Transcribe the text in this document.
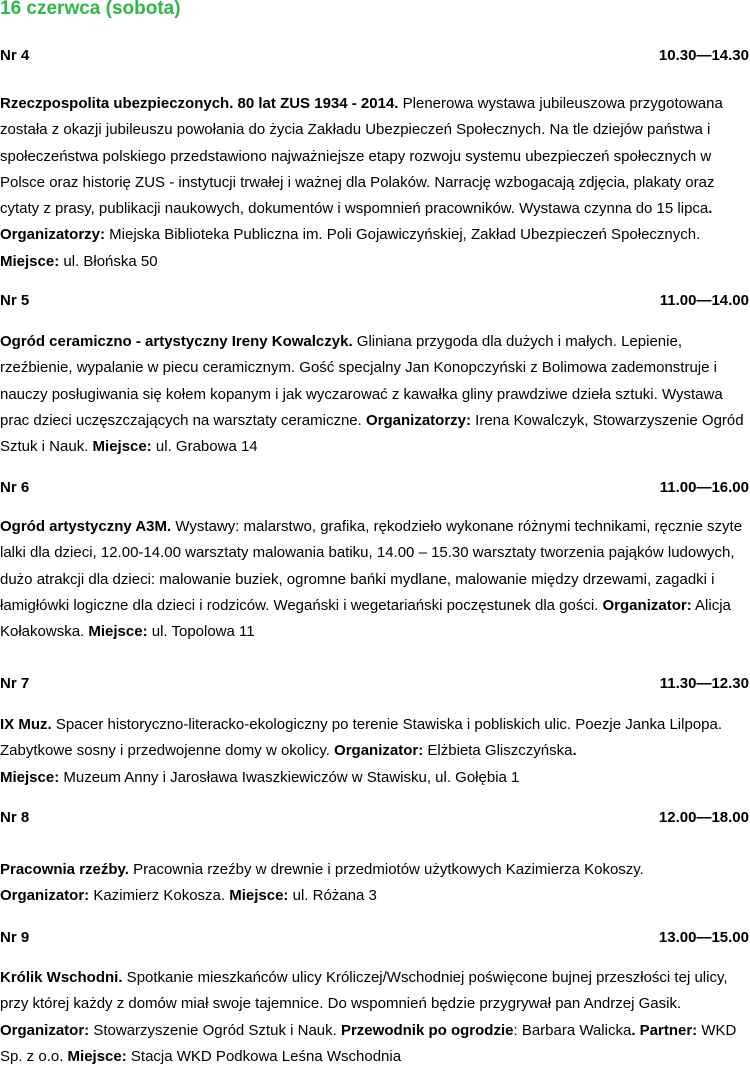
16 czerwca (sobota)
Nr 4	10.30—14.30

Rzeczpospolita ubezpieczonych. 80 lat ZUS 1934 - 2014. Plenerowa wystawa jubileuszowa przygotowana została z okazji jubileuszu powołania do życia Zakładu Ubezpieczeń Społecznych. Na tle dziejów państwa i społeczeństwa polskiego przedstawiono najważniejsze etapy rozwoju systemu ubezpieczeń społecznych w Polsce oraz historię ZUS - instytucji trwałej i ważnej dla Polaków. Narrację wzbogacają zdjęcia, plakaty oraz cytaty z prasy, publikacji naukowych, dokumentów i wspomnień pracowników. Wystawa czynna do 15 lipca. Organizatorzy: Miejska Biblioteka Publiczna im. Poli Gojawiczyńskiej, Zakład Ubezpieczeń Społecznych. Miejsce: ul. Błońska 50

Nr 5	11.00—14.00

Ogród ceramiczno - artystyczny Ireny Kowalczyk. Gliniana przygoda dla dużych i małych. Lepienie, rzeźbienie, wypalanie w piecu ceramicznym. Gość specjalny Jan Konopczyński z Bolimowa zademonstruje i nauczy posługiwania się kołem kopanym i jak wyczarować z kawałka gliny prawdziwe dzieła sztuki. Wystawa prac dzieci uczęszczających na warsztaty ceramiczne. Organizatorzy: Irena Kowalczyk, Stowarzyszenie Ogród Sztuk i Nauk. Miejsce: ul. Grabowa 14

Nr 6	11.00—16.00

Ogród artystyczny A3M. Wystawy: malarstwo, grafika, rękodzieło wykonane różnymi technikami, ręcznie szyte lalki dla dzieci, 12.00-14.00 warsztaty malowania batiku, 14.00 – 15.30 warsztaty tworzenia pająków ludowych, dużo atrakcji dla dzieci: malowanie buziek, ogromne bańki mydlane, malowanie między drzewami, zagadki i łamigłówki logiczne dla dzieci i rodziców. Wegański i wegetariański poczęstunek dla gości. Organizator: Alicja Kołakowska. Miejsce: ul. Topolowa 11

Nr 7	11.30—12.30

IX Muz. Spacer historyczno-literacko-ekologiczny po terenie Stawiska i pobliskich ulic. Poezje Janka Lilpopa. Zabytkowe sosny i przedwojenne domy w okolicy. Organizator: Elżbieta Gliszczyńska.
Miejsce: Muzeum Anny i Jarosława Iwaszkiewiczów w Stawisku, ul. Gołębia 1

Nr 8	12.00—18.00

Pracownia rzeźby. Pracownia rzeźby w drewnie i przedmiotów użytkowych Kazimierza Kokoszy.
Organizator: Kazimierz Kokosza. Miejsce: ul. Różana 3

Nr 9	13.00—15.00

Królik Wschodni. Spotkanie mieszkańców ulicy Króliczej/Wschodniej poświęcone bujnej przeszłości tej ulicy, przy której każdy z domów miał swoje tajemnice. Do wspomnień będzie przygrywał pan Andrzej Gasik. Organizator: Stowarzyszenie Ogród Sztuk i Nauk. Przewodnik po ogrodzie: Barbara Walicka. Partner: WKD Sp. z o.o. Miejsce: Stacja WKD Podkowa Leśna Wschodnia
